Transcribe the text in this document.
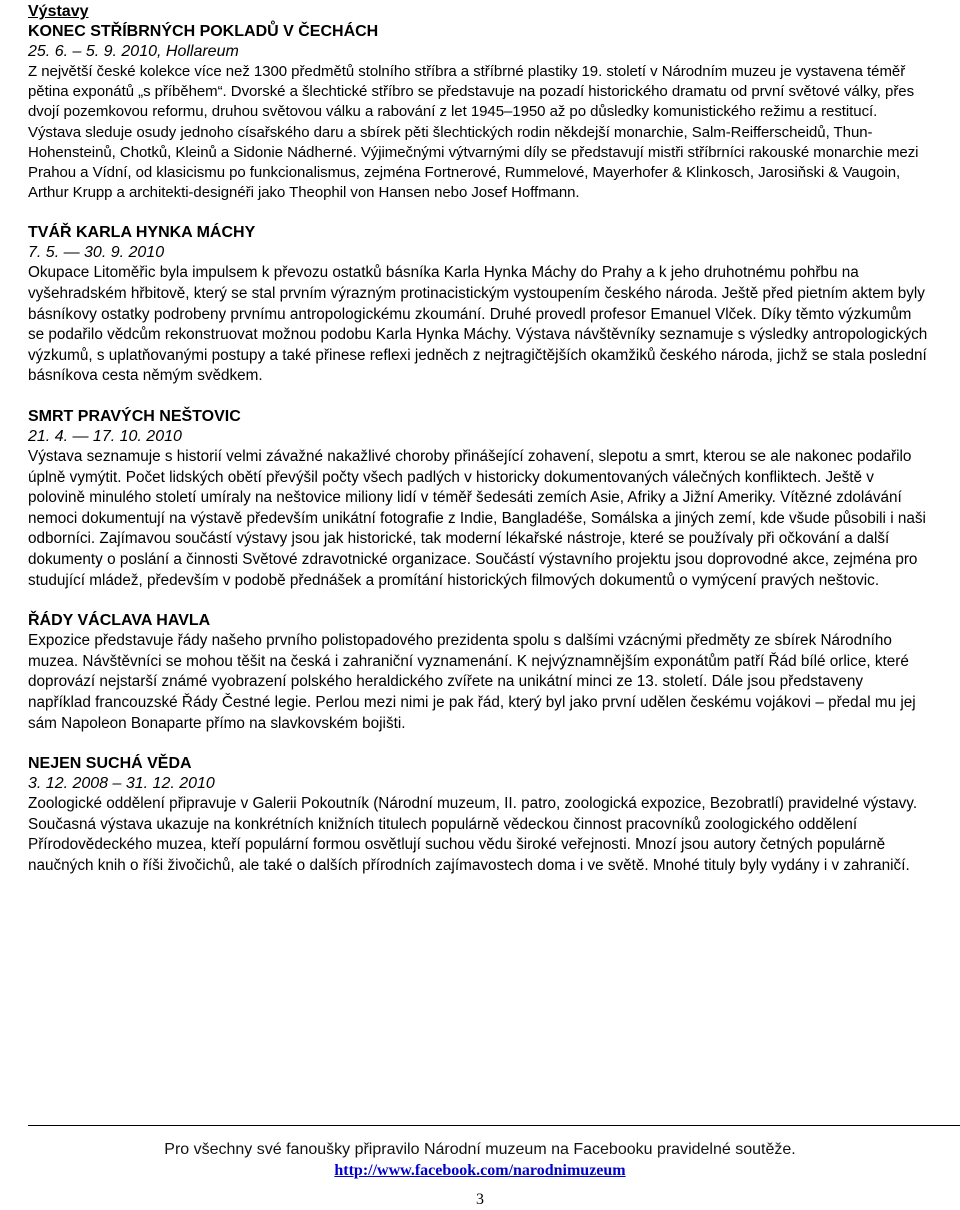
Výstavy
KONEC STŘÍBRNÝCH POKLADŮ V ČECHÁCH
25. 6. – 5. 9. 2010, Hollareum
Z největší české kolekce více než 1300 předmětů stolního stříbra a stříbrné plastiky 19. století v Národním muzeu je vystavena téměř pětina exponátů „s příběhem“. Dvorské a šlechtické stříbro se představuje na pozadí historického dramatu od první světové války, přes dvojí pozemkovou reformu, druhou světovou válku a rabování z let 1945–1950 až po důsledky komunistického režimu a restitucí. Výstava sleduje osudy jednoho císařského daru a sbírek pěti šlechtických rodin někdejší monarchie, Salm-Reifferscheidů, Thun-Hohensteinů, Chotků, Kleinů a Sidonie Nádherné. Výjimečnými výtvarnými díly se představují mistři stříbrníci rakouské monarchie mezi Prahou a Vídní, od klasicismu po funkcionalismus, zejména Fortnerové, Rummelové, Mayerhofer & Klinkosch, Jarosiňski & Vaugoin, Arthur Krupp a architekti-designéři jako Theophil von Hansen nebo Josef Hoffmann.
TVÁŘ KARLA HYNKA MÁCHY
7. 5. — 30. 9. 2010
Okupace Litoměřic byla impulsem k převozu ostatků básníka Karla Hynka Máchy do Prahy a k jeho druhotnému pohřbu na vyšehradském hřbitově, který se stal prvním výrazným protinacistickým vystoupením českého národa. Ještě před pietním aktem byly básníkovy ostatky podrobeny prvnímu antropologickému zkoumání. Druhé provedl profesor Emanuel Vlček. Díky těmto výzkumům se podařilo vědcům rekonstruovat možnou podobu Karla Hynka Máchy. Výstava návštěvníky seznamuje s výsledky antropologických výzkumů, s uplatňovanými postupy a také přinese reflexi jedněch z nejtragičtějších okamžiků českého národa, jichž se stala poslední básníkova cesta němým svědkem.
SMRT PRAVÝCH NEŠTOVIC
21. 4. — 17. 10. 2010
Výstava seznamuje s historií velmi závažné nakažlivé choroby přinášející zohavení, slepotu a smrt, kterou se ale nakonec podařilo úplně vymýtit. Počet lidských obětí převýšil počty všech padlých v historicky dokumentovaných válečných konfliktech. Ještě v polovině minulého století umíraly na neštovice miliony lidí v téměř šedesáti zemích Asie, Afriky a Jižní Ameriky. Vítězné zdolávání nemoci dokumentují na výstavě především unikátní fotografie z Indie, Bangladéše, Somálska a jiných zemí, kde všude působili i naši odborníci. Zajímavou součástí výstavy jsou jak historické, tak moderní lékařské nástroje, které se používaly při očkování a další dokumenty o poslání a činnosti Světové zdravotnické organizace. Součástí výstavního projektu jsou doprovodné akce, zejména pro studující mládež, především v podobě přednášek a promítání historických filmových dokumentů o vymýcení pravých neštovic.
ŘÁDY VÁCLAVA HAVLA
Expozice představuje řády našeho prvního polistopadového prezidenta spolu s dalšími vzácnými předměty ze sbírek Národního muzea. Návštěvníci se mohou těšit na česká i zahraniční vyznamenání. K nejvýznamnějším exponátům patří Řád bílé orlice, které doprovází nejstarší známé vyobrazení polského heraldického zvířete na unikátní minci ze 13. století. Dále jsou představeny například francouzské Řády Čestné legie. Perlou mezi nimi je pak řád, který byl jako první udělen českému vojákovi – předal mu jej sám Napoleon Bonaparte přímo na slavkovském bojišti.
NEJEN SUCHÁ VĚDA
3. 12. 2008 – 31. 12. 2010
Zoologické oddělení připravuje v Galerii Pokoutník (Národní muzeum, II. patro, zoologická expozice, Bezobratlí) pravidelné výstavy. Současná výstava ukazuje na konkrétních knižních titulech populárně vědeckou činnost pracovníků zoologického oddělení Přírodovědeckého muzea, kteří populární formou osvětlují suchou vědu široké veřejnosti. Mnozí jsou autory četných populárně naučných knih o říši živočichů, ale také o dalších přírodních zajímavostech doma i ve světě. Mnohé tituly byly vydány i v zahraničí.
Pro všechny své fanoušky připravilo Národní muzeum na Facebooku pravidelné soutěže.
http://www.facebook.com/narodnimuzeum
3
